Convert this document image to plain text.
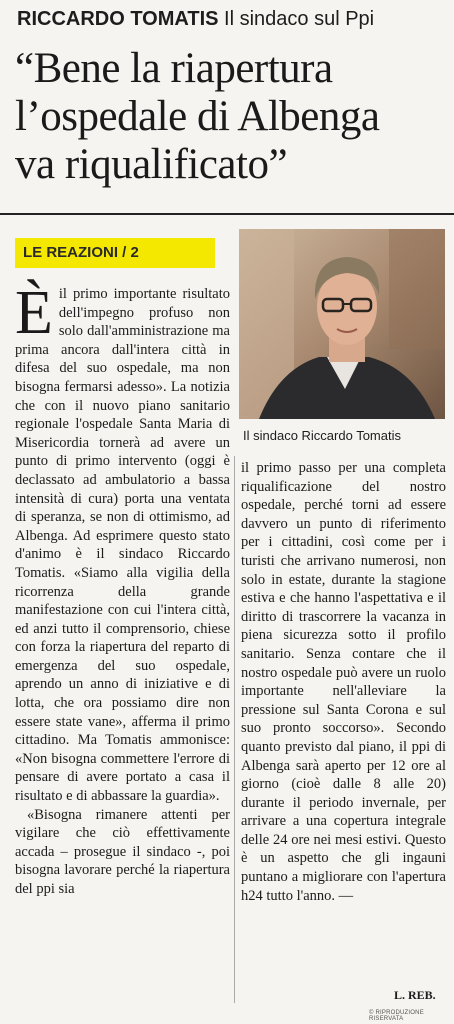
RICCARDO TOMATIS Il sindaco sul Ppi
“Bene la riapertura
l’ospedale di Albenga
va riqualificato”
LE REAZIONI / 2
Il sindaco Riccardo Tomatis

Èil primo importante risultato dell'impegno profuso non solo dall'amministrazione ma prima ancora dall'intera città in difesa del suo ospedale, ma non bisogna fermarsi adesso». La notizia che con il nuovo piano sanitario regionale l'ospedale Santa Maria di Misericordia tornerà ad avere un punto di primo intervento (oggi è declassato ad ambulatorio a bassa intensità di cura) porta una ventata di speranza, se non di ottimismo, ad Albenga. Ad esprimere questo stato d'animo è il sindaco Riccardo Tomatis. «Siamo alla vigilia della ricorrenza della grande manifestazione con cui l'intera città, ed anzi tutto il comprensorio, chiese con forza la riapertura del reparto di emergenza del suo ospedale, aprendo un anno di iniziative e di lotta, che ora possiamo dire non essere state vane», afferma il primo cittadino. Ma Tomatis ammonisce: «Non bisogna commettere l'errore di pensare di avere portato a casa il risultato e di abbassare la guardia».

«Bisogna rimanere attenti per vigilare che ciò effettivamente accada – prosegue il sindaco -, poi bisogna lavorare perché la riapertura del ppi sia

il primo passo per una completa riqualificazione del nostro ospedale, perché torni ad essere davvero un punto di riferimento per i cittadini, così come per i turisti che arrivano numerosi, non solo in estate, durante la stagione estiva e che hanno l'aspettativa e il diritto di trascorrere la vacanza in piena sicurezza sotto il profilo sanitario. Senza contare che il nostro ospedale può avere un ruolo importante nell'alleviare la pressione sul Santa Corona e sul suo pronto soccorso». Secondo quanto previsto dal piano, il ppi di Albenga sarà aperto per 12 ore al giorno (cioè dalle 8 alle 20) durante il periodo invernale, per arrivare a una copertura integrale delle 24 ore nei mesi estivi. Questo è un aspetto che gli ingauni puntano a migliorare con l'apertura h24 tutto l'anno. —

L. REB.
© RIPRODUZIONE RISERVATA
